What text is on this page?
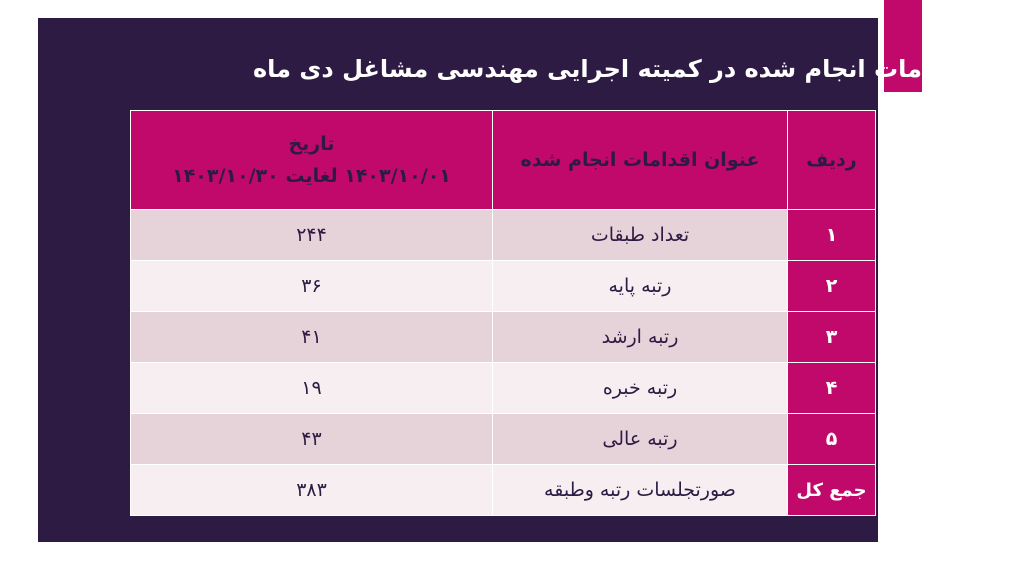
اقدامات انجام شده در کمیته اجرایی مهندسی مشاغل دی ماه ۱۴۰۳
ردیف	عنوان اقدامات انجام شده	تاریخ
۱۴۰۳/۱۰/۰۱ لغایت ۱۴۰۳/۱۰/۳۰

۱	تعداد طبقات	۲۴۴
۲	رتبه پایه	۳۶
۳	رتبه ارشد	۴۱
۴	رتبه خبره	۱۹
۵	رتبه عالی	۴۳
جمع کل	صورتجلسات رتبه وطبقه	۳۸۳
